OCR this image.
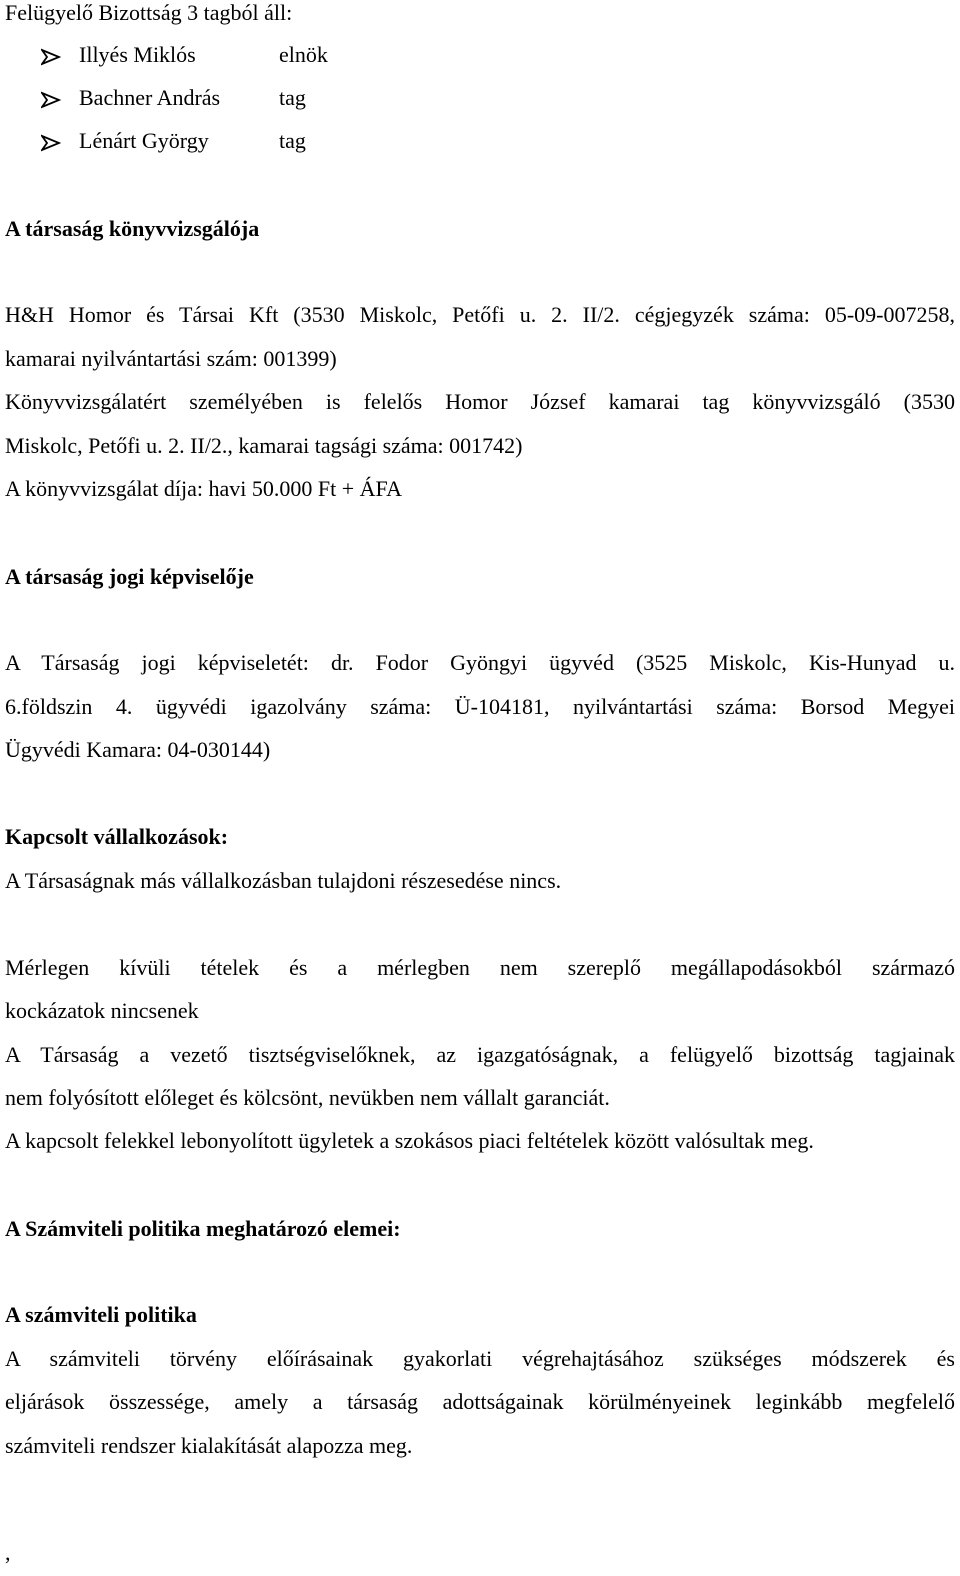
Felügyelő Bizottság 3 tagból áll:
Illyés Miklós	elnök
Bachner András	tag
Lénárt György	tag
A társaság könyvvizsgálója
H&H Homor és Társai Kft (3530 Miskolc, Petőfi u. 2. II/2. cégjegyzék száma: 05-09-007258,
kamarai nyilvántartási szám: 001399)
Könyvvizsgálatért személyében is felelős Homor József kamarai tag könyvvizsgáló (3530
Miskolc, Petőfi u. 2. II/2., kamarai tagsági száma: 001742)
A könyvvizsgálat díja: havi 50.000 Ft + ÁFA
A társaság jogi képviselője
A Társaság jogi képviseletét: dr. Fodor Gyöngyi ügyvéd (3525 Miskolc, Kis-Hunyad u.
6.földszin 4. ügyvédi igazolvány száma: Ü-104181, nyilvántartási száma: Borsod Megyei
Ügyvédi Kamara: 04-030144)
Kapcsolt vállalkozások:
A Társaságnak más vállalkozásban tulajdoni részesedése nincs.
Mérlegen kívüli tételek és a mérlegben nem szereplő megállapodásokból származó
kockázatok nincsenek
A Társaság a vezető tisztségviselőknek, az igazgatóságnak, a felügyelő bizottság tagjainak
nem folyósított előleget és kölcsönt, nevükben nem vállalt garanciát.
A kapcsolt felekkel lebonyolított ügyletek a szokásos piaci feltételek között valósultak meg.
A Számviteli politika meghatározó elemei:
A számviteli politika
A számviteli törvény előírásainak gyakorlati végrehajtásához szükséges módszerek és
eljárások összessége, amely a társaság adottságainak körülményeinek leginkább megfelelő
számviteli rendszer kialakítását alapozza meg.
,
